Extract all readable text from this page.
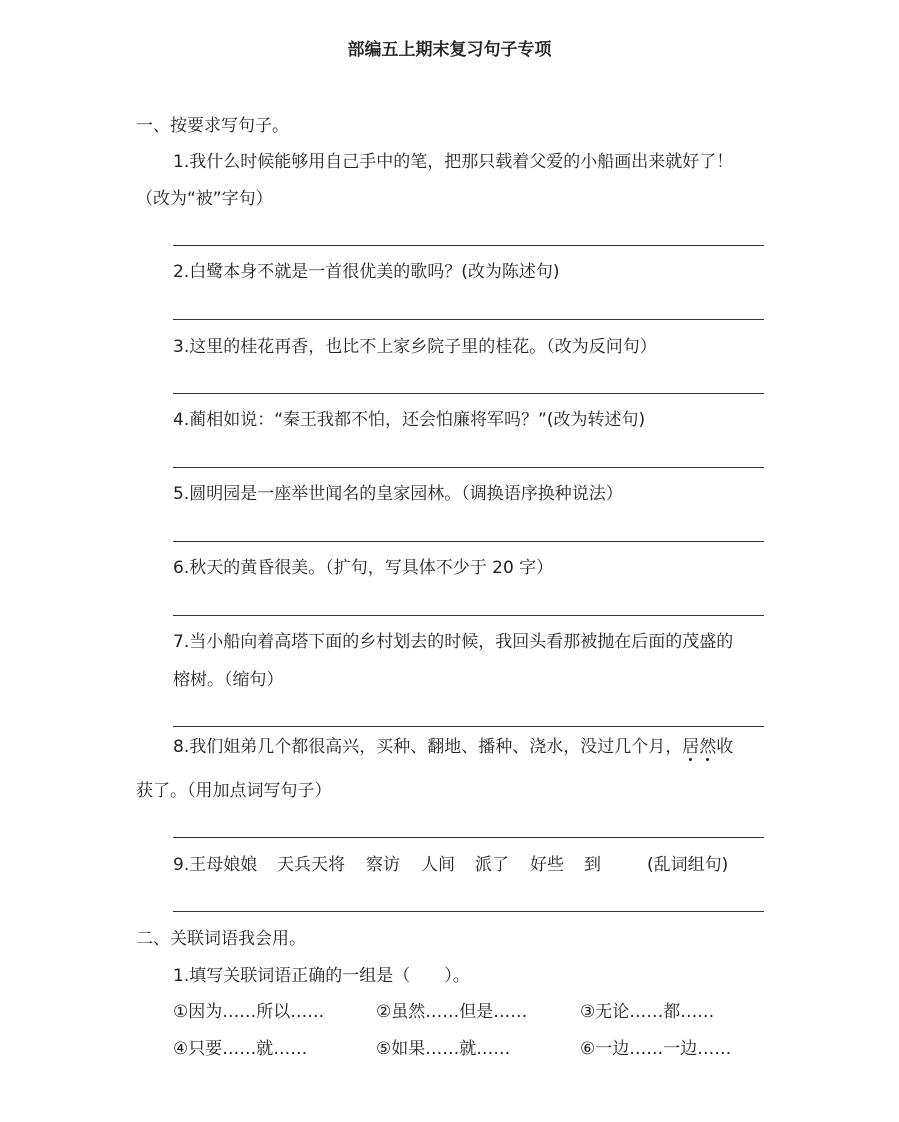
部编五上期末复习句子专项
一、按要求写句子。
1.我什么时候能够用自己手中的笔，把那只载着父爱的小船画出来就好了！
（改为“被”字句）
2.白鹭本身不就是一首很优美的歌吗？(改为陈述句)
3.这里的桂花再香，也比不上家乡院子里的桂花。（改为反问句）
4.蔺相如说：“秦王我都不怕，还会怕廉将军吗？”(改为转述句)
5.圆明园是一座举世闻名的皇家园林。（调换语序换种说法）
6.秋天的黄昏很美。（扩句，写具体不少于 20 字）
7.当小船向着高塔下面的乡村划去的时候，我回头看那被抛在后面的茂盛的
榕树。（缩句）
8.我们姐弟几个都很高兴，买种、翻地、播种、浇水，没过几个月，居然收
获了。（用加点词写句子）
9.王母娘娘 天兵天将 察访 人间 派了 好些 到	(乱词组句)
二、关联词语我会用。
1.填写关联词语正确的一组是（　　）。
①因为……所以……	②虽然……但是……	③无论……都……
④只要……就……	⑤如果……就……	⑥一边……一边……
